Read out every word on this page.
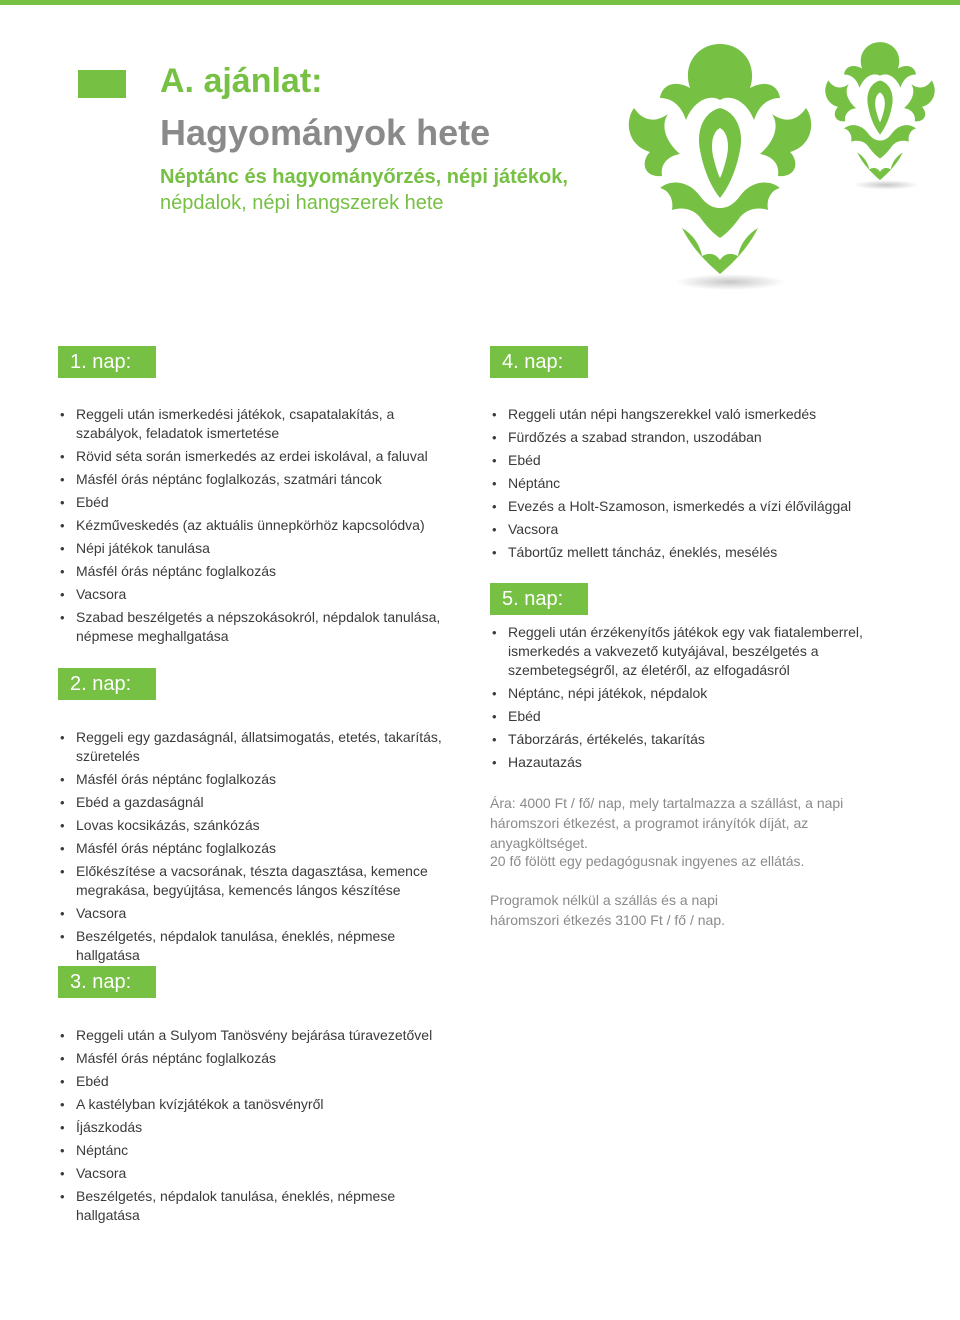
A. ajánlat:
Hagyományok hete
Néptánc és hagyományőrzés, népi játékok,
népdalok, népi hangszerek hete
1. nap:
• Reggeli után ismerkedési játékok, csapatalakítás, a szabályok, feladatok ismertetése
• Rövid séta során ismerkedés az erdei iskolával, a faluval
• Másfél órás néptánc foglalkozás, szatmári táncok
• Ebéd
• Kézműveskedés (az aktuális ünnepkörhöz kapcsolódva)
• Népi játékok tanulása
• Másfél órás néptánc foglalkozás
• Vacsora
• Szabad beszélgetés a népszokásokról, népdalok tanulása, népmese meghallgatása
2. nap:
• Reggeli egy gazdaságnál, állatsimogatás, etetés, takarítás, szüretelés
• Másfél órás néptánc foglalkozás
• Ebéd a gazdaságnál
• Lovas kocsikázás, szánkózás
• Másfél órás néptánc foglalkozás
• Előkészítése a vacsorának, tészta dagasztása, kemence megrakása, begyújtása, kemencés lángos készítése
• Vacsora
• Beszélgetés, népdalok tanulása, éneklés, népmese hallgatása
3. nap:
• Reggeli után a Sulyom Tanösvény bejárása túravezetővel
• Másfél órás néptánc foglalkozás
• Ebéd
• A kastélyban kvízjátékok a tanösvényről
• Íjászkodás
• Néptánc
• Vacsora
• Beszélgetés, népdalok tanulása, éneklés, népmese hallgatása
4. nap:
• Reggeli után népi hangszerekkel való ismerkedés
• Fürdőzés a szabad strandon, uszodában
• Ebéd
• Néptánc
• Evezés a Holt-Szamoson, ismerkedés a vízi élővilággal
• Vacsora
• Tábortűz mellett táncház, éneklés, mesélés
5. nap:
• Reggeli után érzékenyítős játékok egy vak fiatalemberrel, ismerkedés a vakvezető kutyájával, beszélgetés a szembetegségről, az életéről, az elfogadásról
• Néptánc, népi játékok, népdalok
• Ebéd
• Táborzárás, értékelés, takarítás
• Hazautazás
Ára: 4000 Ft / fő/ nap, mely tartalmazza a szállást, a napi háromszori étkezést, a programot irányítók díját, az anyagköltséget.
20 fő fölött egy pedagógusnak ingyenes az ellátás.
Programok nélkül a szállás és a napi háromszori étkezés 3100 Ft / fő / nap.
